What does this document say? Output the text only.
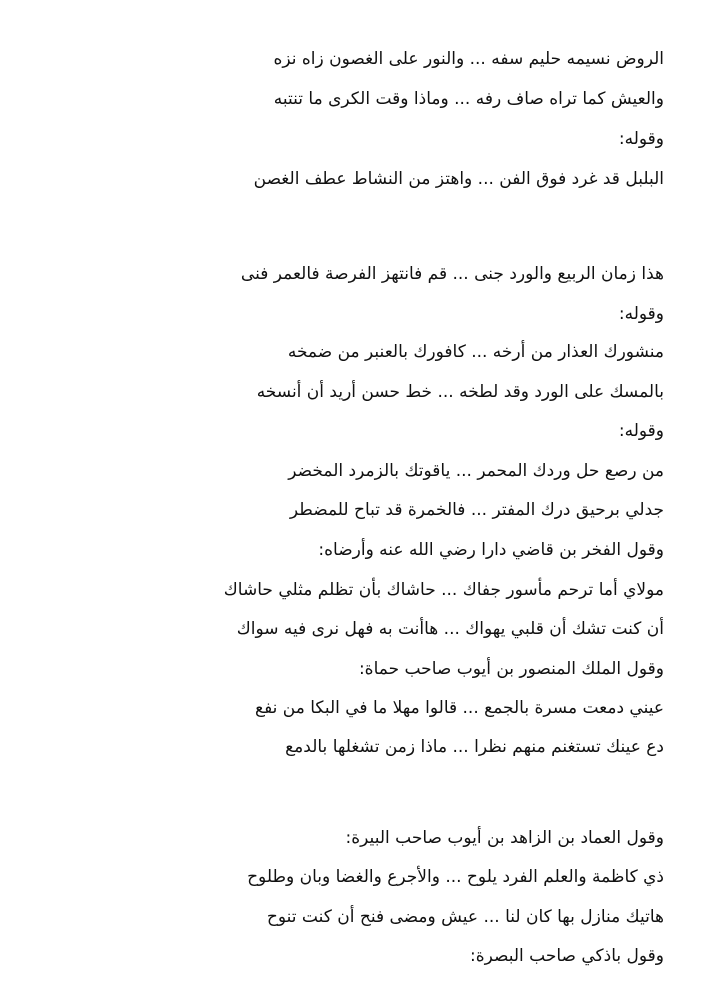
الروض نسيمه حليم سفه ... والنور على الغصون زاه نزه
والعيش كما تراه صاف رفه ... وماذا وقت الكرى ما تنتبه
وقوله:
البلبل قد غرد فوق الفن ... واهتز من النشاط عطف الغصن
هذا زمان الربيع والورد جنى ... قم فانتهز الفرصة فالعمر فنى
وقوله:
منشورك العذار من أرخه ... كافورك بالعنبر من ضمخه
بالمسك على الورد وقد لطخه ... خط حسن أريد أن أنسخه
وقوله:
من رصع حل وردك المحمر ... ياقوتك بالزمرد المخضر
جدلي برحيق درك المفتر ... فالخمرة قد تباح للمضطر
وقول الفخر بن قاضي دارا رضي الله عنه وأرضاه:
مولاي أما ترحم مأسور جفاك ... حاشاك بأن تظلم مثلي حاشاك
أن كنت تشك أن قلبي يهواك ... هاأنت به فهل نرى فيه سواك
وقول الملك المنصور بن أيوب صاحب حماة:
عيني دمعت مسرة بالجمع ... قالوا مهلا ما في البكا من نفع
دع عينك تستغنم منهم نظرا ... ماذا زمن تشغلها بالدمع
وقول العماد بن الزاهد بن أيوب صاحب البيرة:
ذي كاظمة والعلم الفرد يلوح ... والأجرع والغضا وبان وطلوح
هاتيك منازل بها كان لنا ... عيش ومضى فنح أن كنت تنوح
وقول باذكي صاحب البصرة:
